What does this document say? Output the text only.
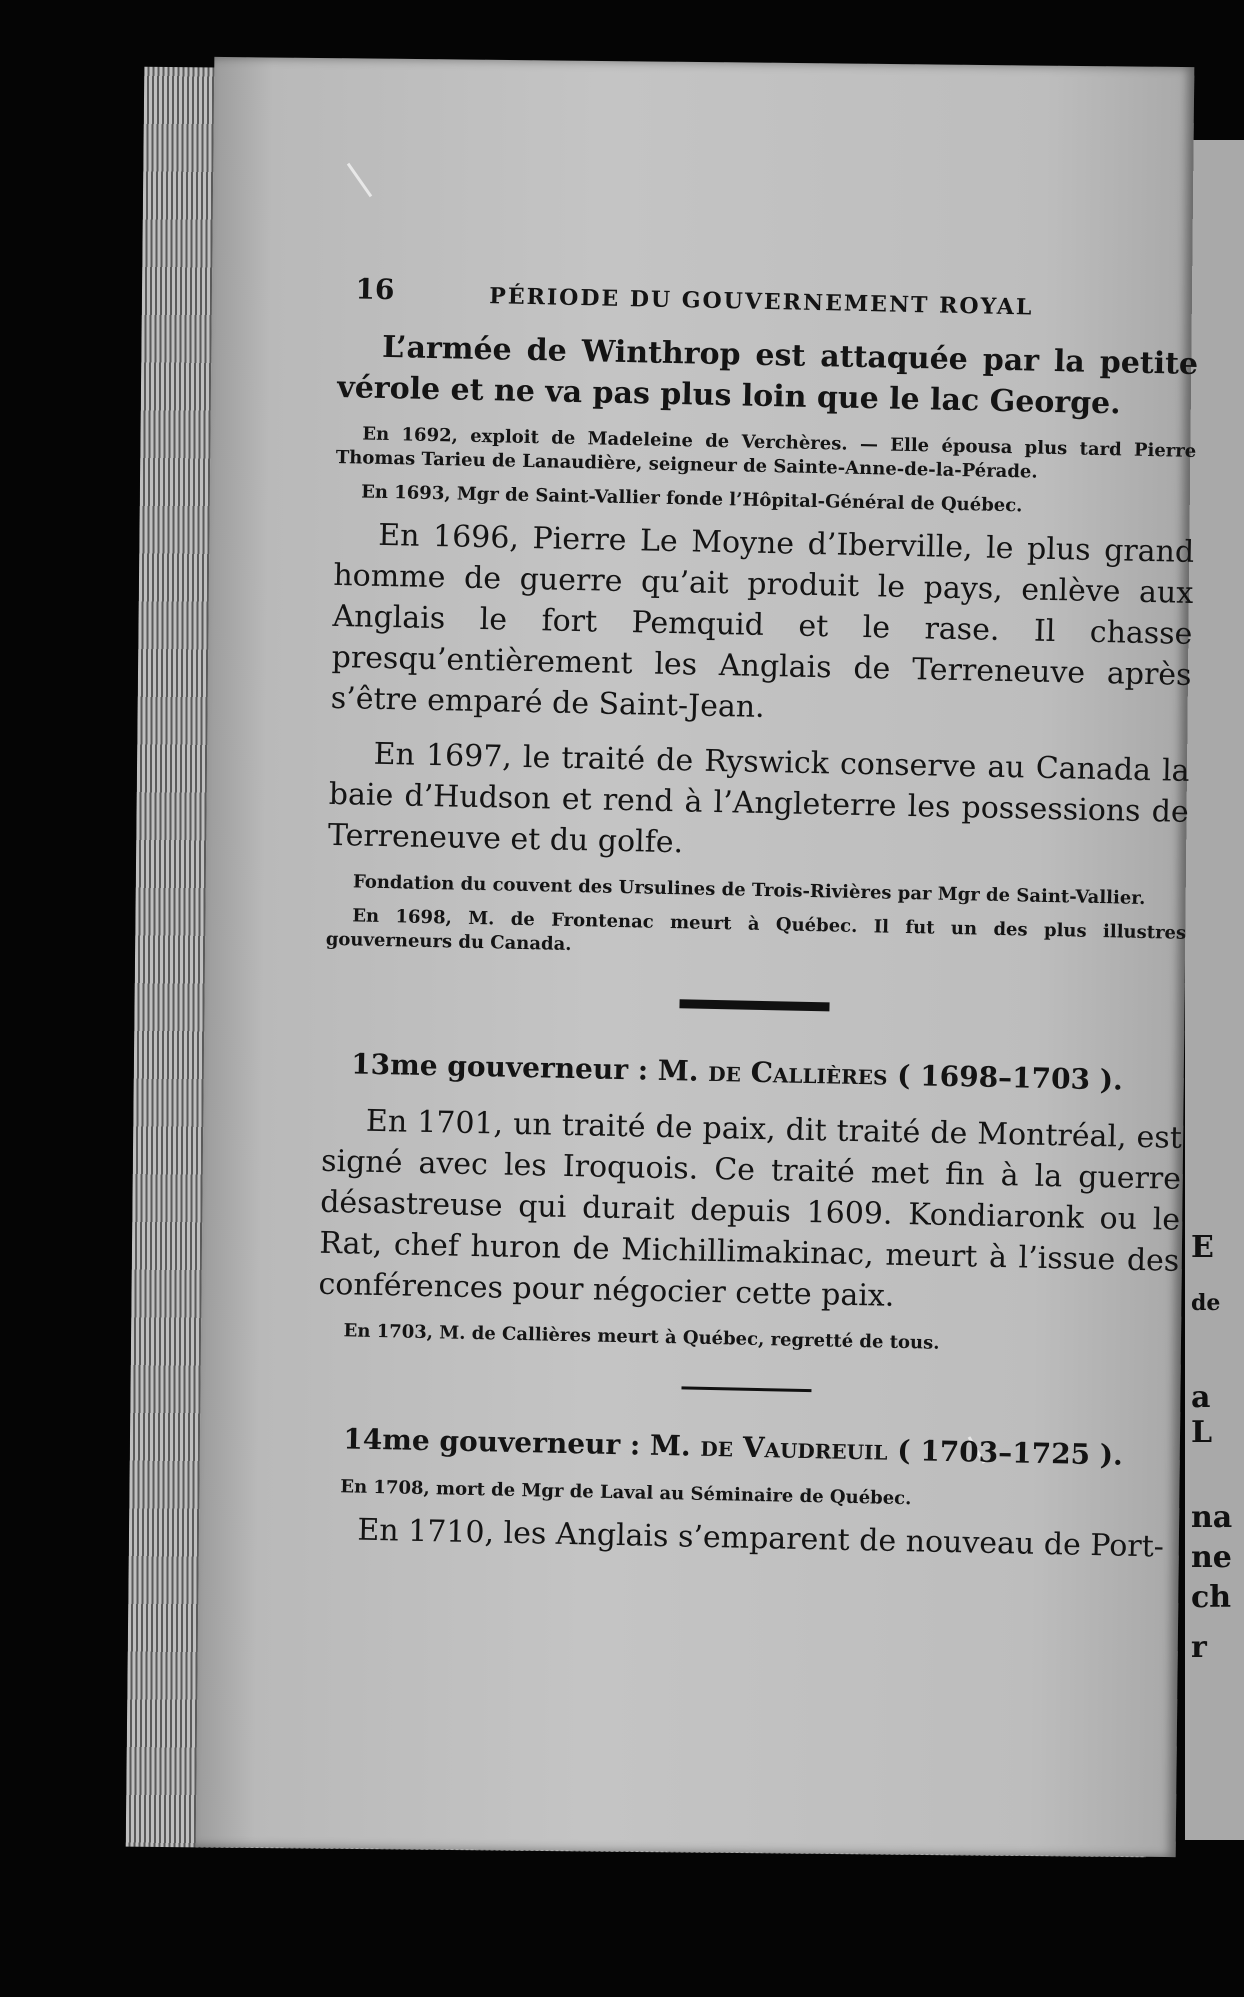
E
de
a
L
na
ne
ch
r
16	PÉRIODE DU GOUVERNEMENT ROYAL

L’armée de Winthrop est attaquée par la petite vérole et ne va pas plus loin que le lac George.

En 1692, exploit de Madeleine de Verchères. — Elle épousa plus tard Pierre Thomas Tarieu de Lanaudière, seigneur de Sainte-Anne-de-la-Pérade.

En 1693, Mgr de Saint-Vallier fonde l’Hôpital-Général de Québec.

En 1696, Pierre Le Moyne d’Iberville, le plus grand homme de guerre qu’ait produit le pays, enlève aux Anglais le fort Pemquid et le rase. Il chasse presqu’entièrement les Anglais de Terreneuve après s’être emparé de Saint-Jean.

En 1697, le traité de Ryswick conserve au Canada la baie d’Hudson et rend à l’Angleterre les possessions de Terreneuve et du golfe.

Fondation du couvent des Ursulines de Trois-Rivières par Mgr de Saint-Vallier.

En 1698, M. de Frontenac meurt à Québec. Il fut un des plus illustres gouverneurs du Canada.

13me gouverneur : M. de Callières ( 1698–1703 ).

En 1701, un traité de paix, dit traité de Montréal, est signé avec les Iroquois. Ce traité met fin à la guerre désastreuse qui durait depuis 1609. Kondiaronk ou le Rat, chef huron de Michillimakinac, meurt à l’issue des conférences pour négocier cette paix.

En 1703, M. de Callières meurt à Québec, regretté de tous.

14me gouverneur : M. de Vaudreuil ( 1703–1725 ).

En 1708, mort de Mgr de Laval au Séminaire de Québec.

En 1710, les Anglais s’emparent de nouveau de Port-
